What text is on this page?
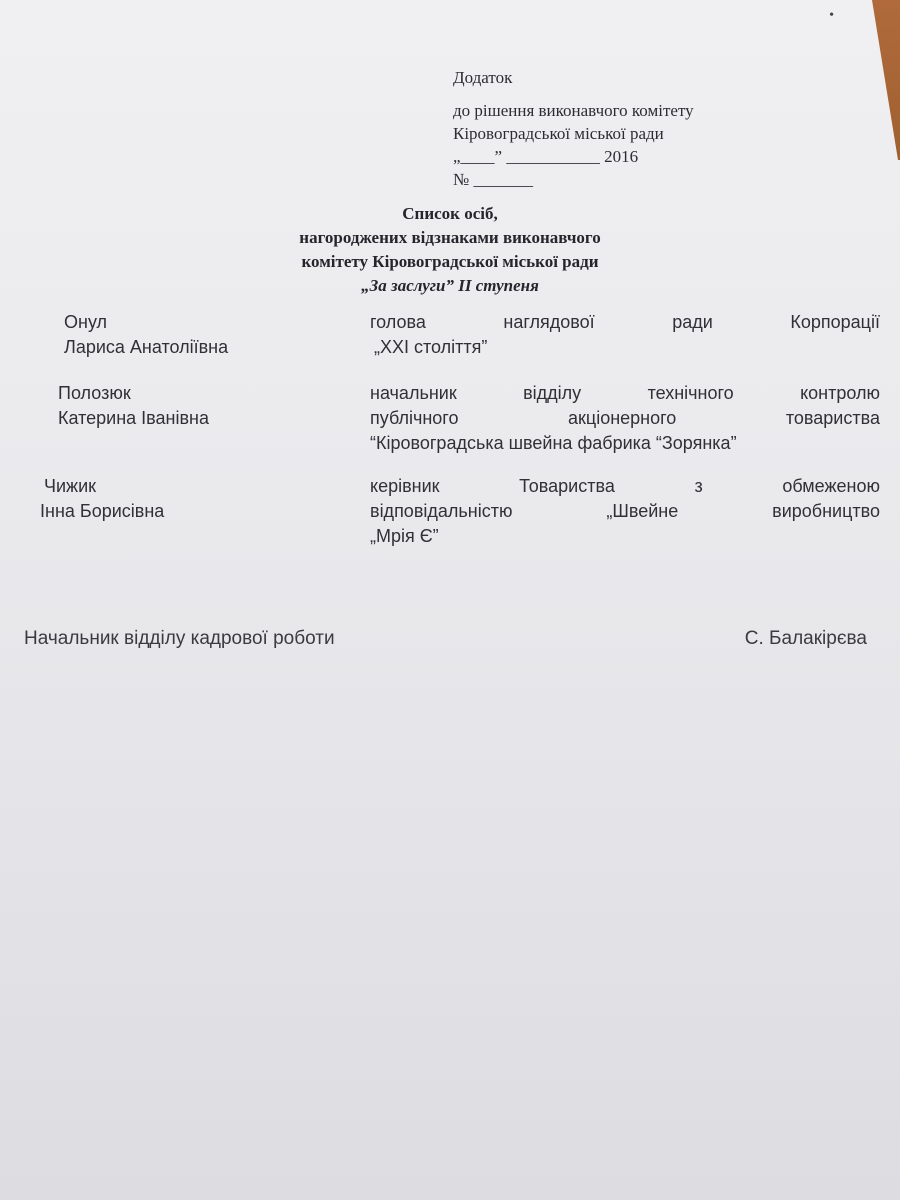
•
Додаток
до рішення виконавчого комітету
Кіровоградської міської ради
„____” ___________ 2016
№ _______
Список осіб,
нагороджених відзнаками виконавчого
комітету Кіровоградської міської ради
„За заслуги” ІІ ступеня
Онул
Лариса Анатоліївна
голова	наглядової	ради	Корпорації
„ХХІ століття”
Полозюк
Катерина Іванівна
начальник	відділу	технічного	контролю
публічного	акціонерного	товариства
“Кіровоградська швейна фабрика “Зорянка”
Чижик
Інна Борисівна
керівник	Товариства	з	обмеженою
відповідальністю	„Швейне	виробництво
„Мрія Є”
Начальник відділу кадрової роботи	С. Балакірєва
